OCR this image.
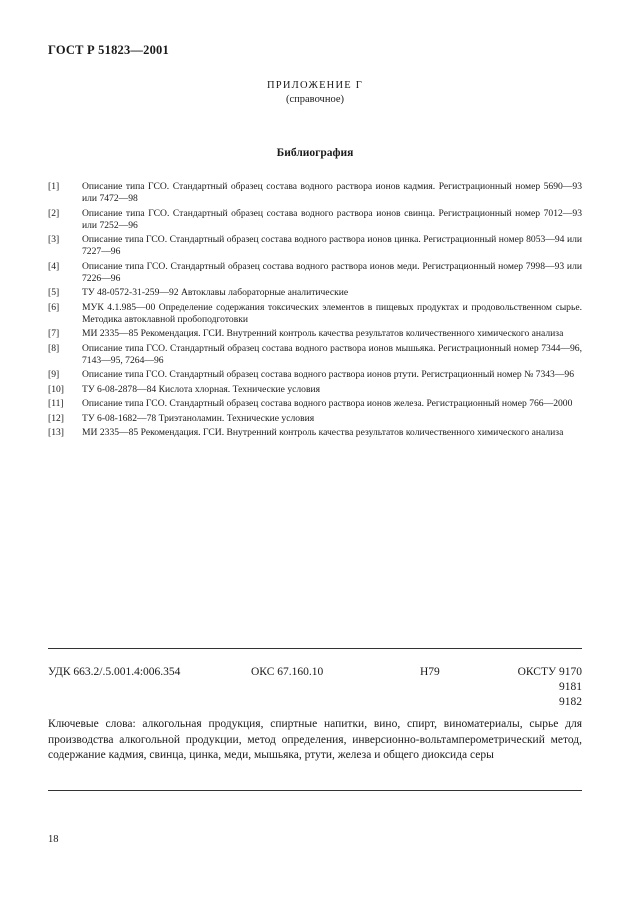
ГОСТ Р 51823—2001
ПРИЛОЖЕНИЕ Г
(справочное)
Библиография
[1]	Описание типа ГСО. Стандартный образец состава водного раствора ионов кадмия. Регистрационный номер 5690—93 или 7472—98
[2]	Описание типа ГСО. Стандартный образец состава водного раствора ионов свинца. Регистрационный номер 7012—93 или 7252—96
[3]	Описание типа ГСО. Стандартный образец состава водного раствора ионов цинка. Регистрационный номер 8053—94 или 7227—96
[4]	Описание типа ГСО. Стандартный образец состава водного раствора ионов меди. Регистрационный номер 7998—93 или 7226—96
[5]	ТУ 48-0572-31-259—92 Автоклавы лабораторные аналитические
[6]	МУК 4.1.985—00 Определение содержания токсических элементов в пищевых продуктах и продовольственном сырье. Методика автоклавной пробоподготовки
[7]	МИ 2335—85 Рекомендация. ГСИ. Внутренний контроль качества результатов количественного химического анализа
[8]	Описание типа ГСО. Стандартный образец состава водного раствора ионов мышьяка. Регистрационный номер 7344—96, 7143—95, 7264—96
[9]	Описание типа ГСО. Стандартный образец состава водного раствора ионов ртути. Регистрационный номер № 7343—96
[10]	ТУ 6-08-2878—84 Кислота хлорная. Технические условия
[11]	Описание типа ГСО. Стандартный образец состава водного раствора ионов железа. Регистрационный номер 766—2000
[12]	ТУ 6-08-1682—78 Триэтаноламин. Технические условия
[13]	МИ 2335—85 Рекомендация. ГСИ. Внутренний контроль качества результатов количественного химического анализа
УДК 663.2/.5.001.4:006.354	ОКС 67.160.10	Н79	ОКСТУ 9170
9181
9182
Ключевые слова: алкогольная продукция, спиртные напитки, вино, спирт, виноматериалы, сырье для производства алкогольной продукции, метод определения, инверсионно-вольтамперометрический метод, содержание кадмия, свинца, цинка, меди, мышьяка, ртути, железа и общего диоксида серы
18
